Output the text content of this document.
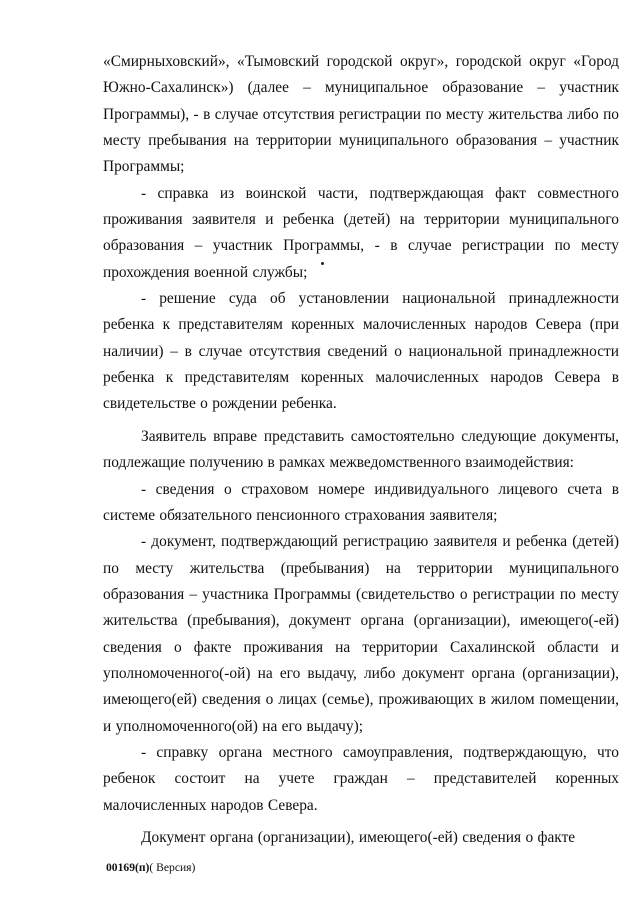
«Смирныховский», «Тымовский городской округ», городской округ «Город Южно-Сахалинск») (далее – муниципальное образование – участник Программы), - в случае отсутствия регистрации по месту жительства либо по месту пребывания на территории муниципального образования – участник Программы;

- справка из воинской части, подтверждающая факт совместного проживания заявителя и ребенка (детей) на территории муниципального образования – участник Программы, - в случае регистрации по месту прохождения военной службы;

- решение суда об установлении национальной принадлежности ребенка к представителям коренных малочисленных народов Севера (при наличии) – в случае отсутствия сведений о национальной принадлежности ребенка к представителям коренных малочисленных народов Севера в свидетельстве о рождении ребенка.

Заявитель вправе представить самостоятельно следующие документы, подлежащие получению в рамках межведомственного взаимодействия:

- сведения о страховом номере индивидуального лицевого счета в системе обязательного пенсионного страхования заявителя;

- документ, подтверждающий регистрацию заявителя и ребенка (детей) по месту жительства (пребывания) на территории муниципального образования – участника Программы (свидетельство о регистрации по месту жительства (пребывания), документ органа (организации), имеющего(-ей) сведения о факте проживания на территории Сахалинской области и уполномоченного(-ой) на его выдачу, либо документ органа (организации), имеющего(ей) сведения о лицах (семье), проживающих в жилом помещении, и уполномоченного(ой) на его выдачу);

- справку органа местного самоуправления, подтверждающую, что ребенок состоит на учете граждан – представителей коренных малочисленных народов Севера.

Документ органа (организации), имеющего(-ей) сведения о факте

00169(п)( Версия)
